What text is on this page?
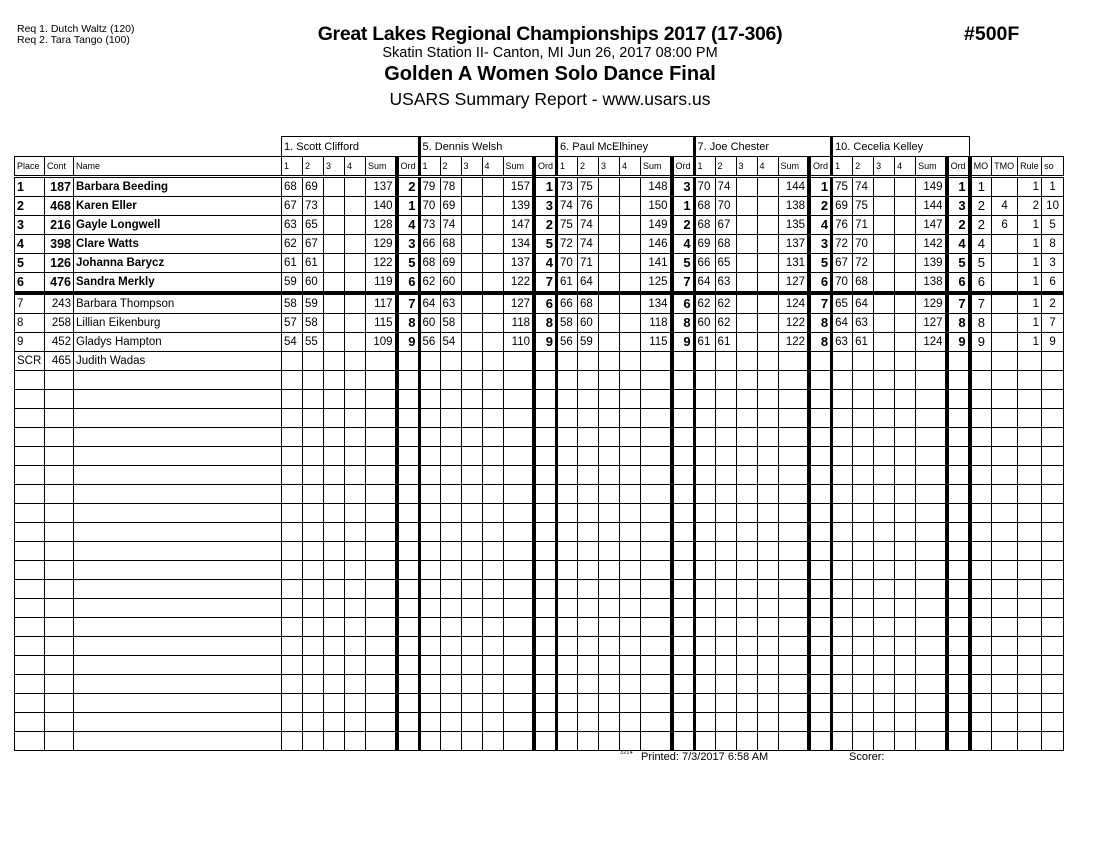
Req 1. Dutch Waltz (120)
Req 2. Tara Tango (100)	Great Lakes Regional Championships 2017 (17-306)
Skatin Station II- Canton, MI Jun 26, 2017 08:00 PM
Golden A Women Solo Dance Final
USARS Summary Report - www.usars.us
#500F
			1. Scott Clifford						5. Dennis Welsh						6. Paul McElhiney						7. Joe Chester						10. Cecelia Kelley									
Place	Cont	Name	1	2	3	4	Sum	Ord	1	2	3	4	Sum	Ord	1	2	3	4	Sum	Ord	1	2	3	4	Sum	Ord	1	2	3	4	Sum	Ord	MO	TMO	Rule	so
1	187	Barbara Beeding	68	69			137	2	79	78			157	1	73	75			148	3	70	74			144	1	75	74			149	1	1		1	1
2	468	Karen Eller	67	73			140	1	70	69			139	3	74	76			150	1	68	70			138	2	69	75			144	3	2	4	2	10
3	216	Gayle Longwell	63	65			128	4	73	74			147	2	75	74			149	2	68	67			135	4	76	71			147	2	2	6	1	5
4	398	Clare Watts	62	67			129	3	66	68			134	5	72	74			146	4	69	68			137	3	72	70			142	4	4		1	8
5	126	Johanna Barycz	61	61			122	5	68	69			137	4	70	71			141	5	66	65			131	5	67	72			139	5	5		1	3
6	476	Sandra Merkly	59	60			119	6	62	60			122	7	61	64			125	7	64	63			127	6	70	68			138	6	6		1	6
7	243	Barbara Thompson	58	59			117	7	64	63			127	6	66	68			134	6	62	62			124	7	65	64			129	7	7		1	2
8	258	Lillian Eikenburg	57	58			115	8	60	58			118	8	58	60			118	8	60	62			122	8	64	63			127	8	8		1	7
9	452	Gladys Hampton	54	55			109	9	56	54			110	9	56	59			115	9	61	61			122	8	63	61			124	9	9		1	9
SCR	465	Judith Wadas																																		

3214 Printed: 7/3/2017 6:58 AM	Scorer:
